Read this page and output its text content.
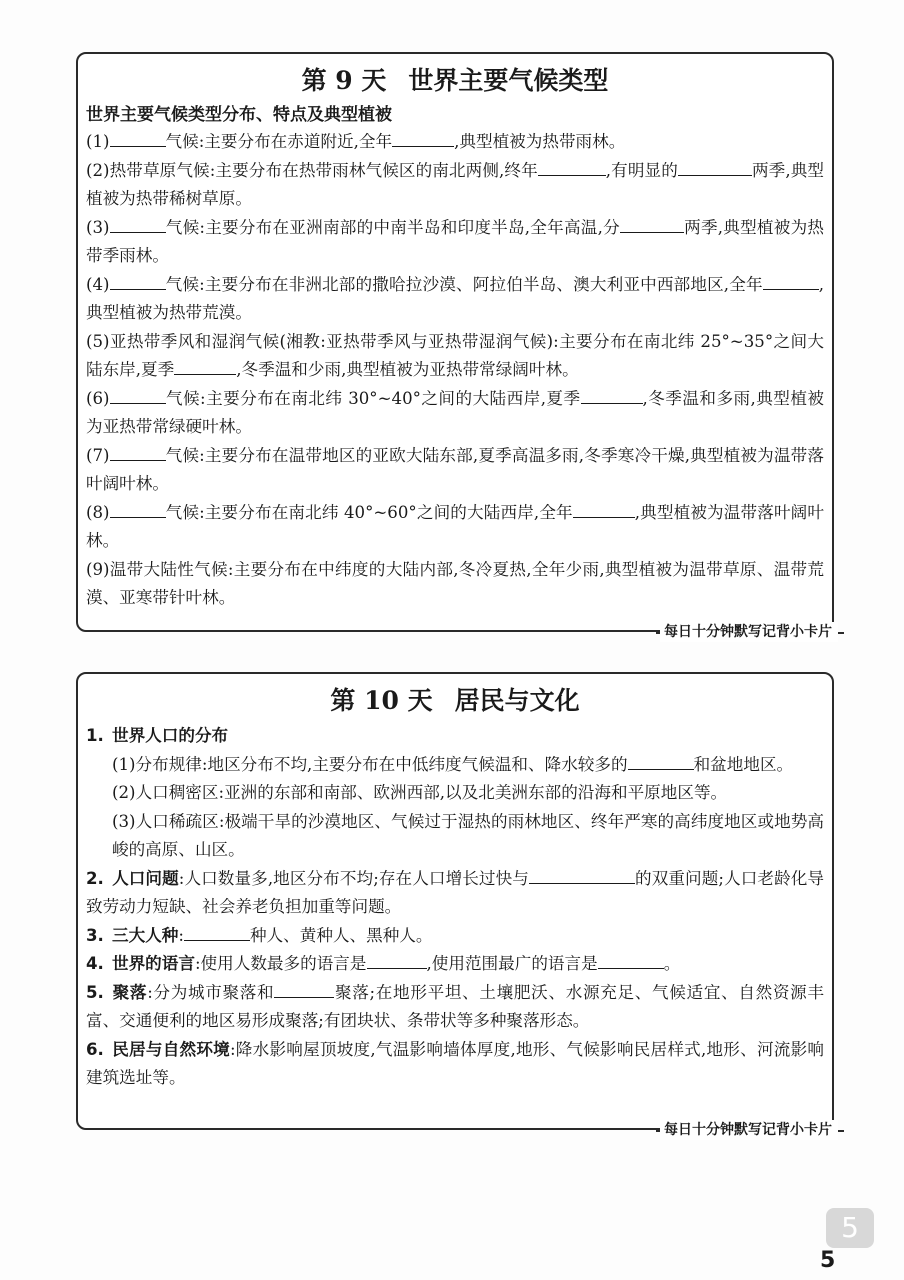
第 9 天 世界主要气候类型
世界主要气候类型分布、特点及典型植被
(1)	气候:主要分布在赤道附近,全年	,典型植被为热带雨林。
(2)热带草原气候:主要分布在热带雨林气候区的南北两侧,终年	,有明显的	两季,典型植被为热带稀树草原。
(3)	气候:主要分布在亚洲南部的中南半岛和印度半岛,全年高温,分	两季,典型植被为热带季雨林。
(4)	气候:主要分布在非洲北部的撒哈拉沙漠、阿拉伯半岛、澳大利亚中西部地区,全年	,典型植被为热带荒漠。
(5)亚热带季风和湿润气候(湘教:亚热带季风与亚热带湿润气候):主要分布在南北纬 25°~35°之间大陆东岸,夏季	,冬季温和少雨,典型植被为亚热带常绿阔叶林。
(6)	气候:主要分布在南北纬 30°~40°之间的大陆西岸,夏季	,冬季温和多雨,典型植被为亚热带常绿硬叶林。
(7)	气候:主要分布在温带地区的亚欧大陆东部,夏季高温多雨,冬季寒冷干燥,典型植被为温带落叶阔叶林。
(8)	气候:主要分布在南北纬 40°~60°之间的大陆西岸,全年	,典型植被为温带落叶阔叶林。
(9)温带大陆性气候:主要分布在中纬度的大陆内部,冬冷夏热,全年少雨,典型植被为温带草原、温带荒漠、亚寒带针叶林。
每日十分钟默写记背小卡片
第 10 天 居民与文化
1. 世界人口的分布
(1)分布规律:地区分布不均,主要分布在中低纬度气候温和、降水较多的	和盆地地区。
(2)人口稠密区:亚洲的东部和南部、欧洲西部,以及北美洲东部的沿海和平原地区等。
(3)人口稀疏区:极端干旱的沙漠地区、气候过于湿热的雨林地区、终年严寒的高纬度地区或地势高峻的高原、山区。
2. 人口问题:人口数量多,地区分布不均;存在人口增长过快与	的双重问题;人口老龄化导致劳动力短缺、社会养老负担加重等问题。
3. 三大人种:	种人、黄种人、黑种人。
4. 世界的语言:使用人数最多的语言是	,使用范围最广的语言是	。
5. 聚落:分为城市聚落和	聚落;在地形平坦、土壤肥沃、水源充足、气候适宜、自然资源丰富、交通便利的地区易形成聚落;有团块状、条带状等多种聚落形态。
6. 民居与自然环境:降水影响屋顶坡度,气温影响墙体厚度,地形、气候影响民居样式,地形、河流影响建筑选址等。
每日十分钟默写记背小卡片
5
5
